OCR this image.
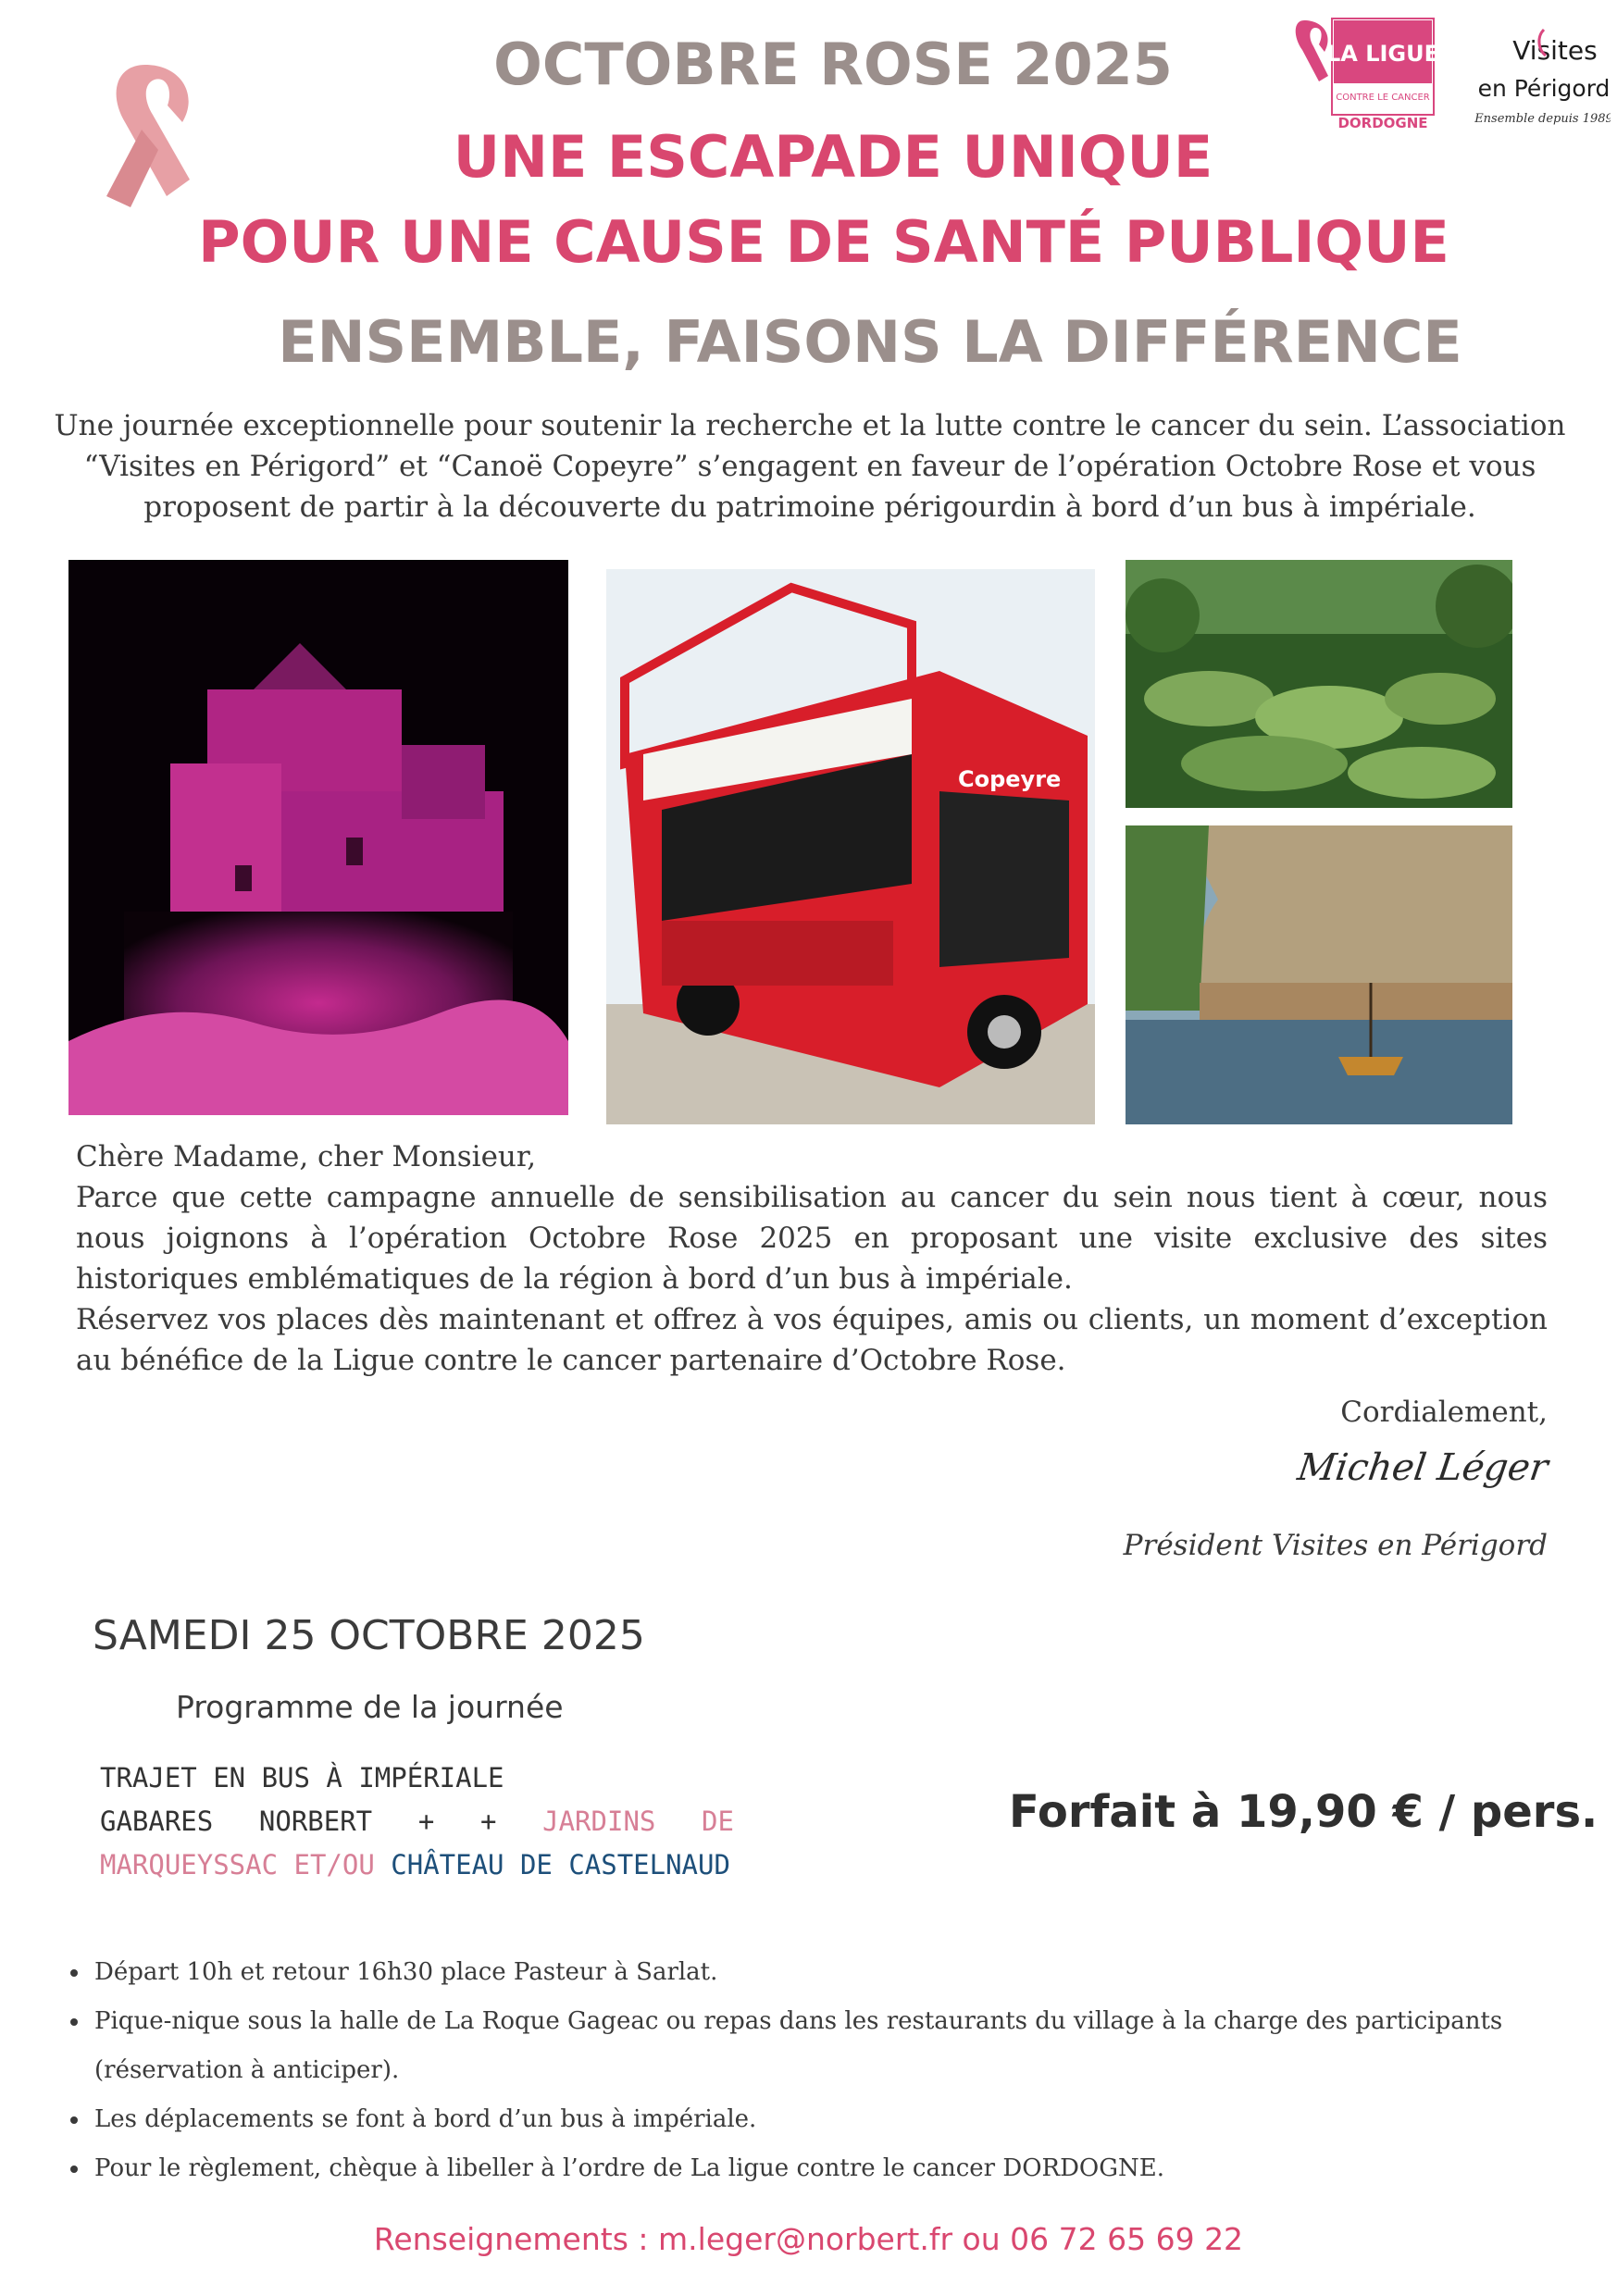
OCTOBRE ROSE 2025
UNE ESCAPADE UNIQUE
POUR UNE CAUSE DE SANTÉ PUBLIQUE
ENSEMBLE, FAISONS LA DIFFÉRENCE
LA LIGUE
CONTRE LE CANCER
DORDOGNE
Visites
en Périgord
Ensemble depuis 1989
Une journée exceptionnelle pour soutenir la recherche et la lutte contre le cancer du sein. L’association “Visites en Périgord” et “Canoë Copeyre” s’engagent en faveur de l’opération Octobre Rose et vous proposent de partir à la découverte du patrimoine périgourdin à bord d’un bus à impériale.
Copeyre

Chère Madame, cher Monsieur,

Parce que cette campagne annuelle de sensibilisation au cancer du sein nous tient à cœur, nous nous joignons à l’opération Octobre Rose 2025 en proposant une visite exclusive des sites historiques emblématiques de la région à bord d’un bus à impériale.

Réservez vos places dès maintenant et offrez à vos équipes, amis ou clients, un moment d’exception au bénéfice de la Ligue contre le cancer partenaire d’Octobre Rose.

Cordialement,
Michel Léger
Président Visites en Périgord
SAMEDI 25 OCTOBRE 2025
Programme de la journée
TRAJET EN BUS À IMPÉRIALE
GABARES NORBERT + + JARDINS DE MARQUEYSSAC ET/OU CHÂTEAU DE CASTELNAUD
Forfait à 19,90 € / pers.
• Départ 10h et retour 16h30 place Pasteur à Sarlat.
• Pique-nique sous la halle de La Roque Gageac ou repas dans les restaurants du village à la charge des participants (réservation à anticiper).
• Les déplacements se font à bord d’un bus à impériale.
• Pour le règlement, chèque à libeller à l’ordre de La ligue contre le cancer DORDOGNE.
Renseignements : m.leger@norbert.fr ou 06 72 65 69 22
